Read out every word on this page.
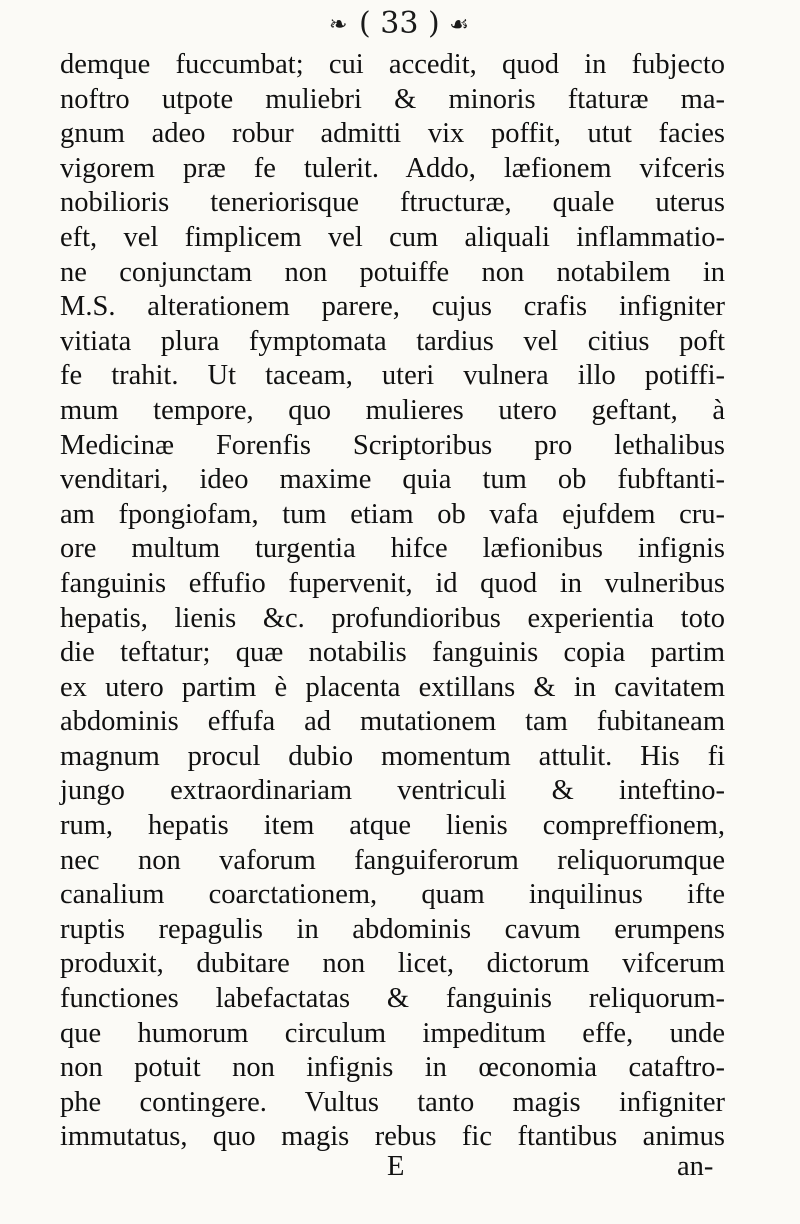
❧ ( 33 ) ☙
demque fuccumbat; cui accedit, quod in fubjecto
noftro utpote muliebri & minoris ftaturæ ma-
gnum adeo robur admitti vix poffit, utut facies
vigorem præ fe tulerit. Addo, læfionem vifceris
nobilioris teneriorisque ftructuræ, quale uterus
eft, vel fimplicem vel cum aliquali inflammatio-
ne conjunctam non potuiffe non notabilem in
M.S. alterationem parere, cujus crafis infigniter
vitiata plura fymptomata tardius vel citius poft
fe trahit. Ut taceam, uteri vulnera illo potiffi-
mum tempore, quo mulieres utero geftant, à
Medicinæ Forenfis Scriptoribus pro lethalibus
venditari, ideo maxime quia tum ob fubftanti-
am fpongiofam, tum etiam ob vafa ejufdem cru-
ore multum turgentia hifce læfionibus infignis
fanguinis effufio fupervenit, id quod in vulneribus
hepatis, lienis &c. profundioribus experientia toto
die teftatur; quæ notabilis fanguinis copia partim
ex utero partim è placenta extillans & in cavitatem
abdominis effufa ad mutationem tam fubitaneam
magnum procul dubio momentum attulit. His fi
jungo extraordinariam ventriculi & inteftino-
rum, hepatis item atque lienis compreffionem,
nec non vaforum fanguiferorum reliquorumque
canalium coarctationem, quam inquilinus ifte
ruptis repagulis in abdominis cavum erumpens
produxit, dubitare non licet, dictorum vifcerum
functiones labefactatas & fanguinis reliquorum-
que humorum circulum impeditum effe, unde
non potuit non infignis in œconomia cataftro-
phe contingere. Vultus tanto magis infigniter
immutatus, quo magis rebus fic ftantibus animus
E	an-
